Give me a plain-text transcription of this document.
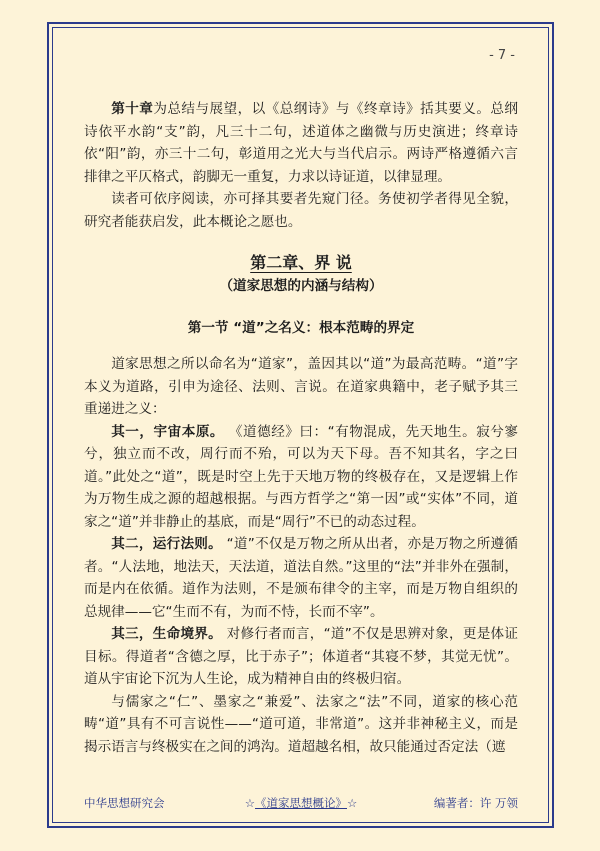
- 7 -

第十章为总结与展望，以《总纲诗》与《终章诗》括其要义。总纲诗依平水韵“支”韵，凡三十二句，述道体之幽微与历史演进；终章诗依“阳”韵，亦三十二句，彰道用之光大与当代启示。两诗严格遵循六言排律之平仄格式，韵脚无一重复，力求以诗证道，以律显理。

读者可依序阅读，亦可择其要者先窥门径。务使初学者得见全貌，研究者能获启发，此本概论之愿也。

第二章、界 说
（道家思想的内涵与结构）
第一节 “道”之名义：根本范畴的界定

道家思想之所以命名为“道家”，盖因其以“道”为最高范畴。“道”字本义为道路，引申为途径、法则、言说。在道家典籍中，老子赋予其三重递进之义：

其一，宇宙本原。 《道德经》曰：“有物混成，先天地生。寂兮寥兮，独立而不改，周行而不殆，可以为天下母。吾不知其名，字之曰道。”此处之“道”，既是时空上先于天地万物的终极存在，又是逻辑上作为万物生成之源的超越根据。与西方哲学之“第一因”或“实体”不同，道家之“道”并非静止的基底，而是“周行”不已的动态过程。

其二，运行法则。 “道”不仅是万物之所从出者，亦是万物之所遵循者。“人法地，地法天，天法道，道法自然。”这里的“法”并非外在强制，而是内在依循。道作为法则，不是颁布律令的主宰，而是万物自组织的总规律——它“生而不有，为而不恃，长而不宰”。

其三，生命境界。 对修行者而言，“道”不仅是思辨对象，更是体证目标。得道者“含德之厚，比于赤子”；体道者“其寝不梦，其觉无忧”。道从宇宙论下沉为人生论，成为精神自由的终极归宿。

与儒家之“仁”、墨家之“兼爱”、法家之“法”不同，道家的核心范畴“道”具有不可言说性——“道可道，非常道”。这并非神秘主义，而是揭示语言与终极实在之间的鸿沟。道超越名相，故只能通过否定法（遮

中华思想研究会	☆《道家思想概论》☆	编著者：许 万领
